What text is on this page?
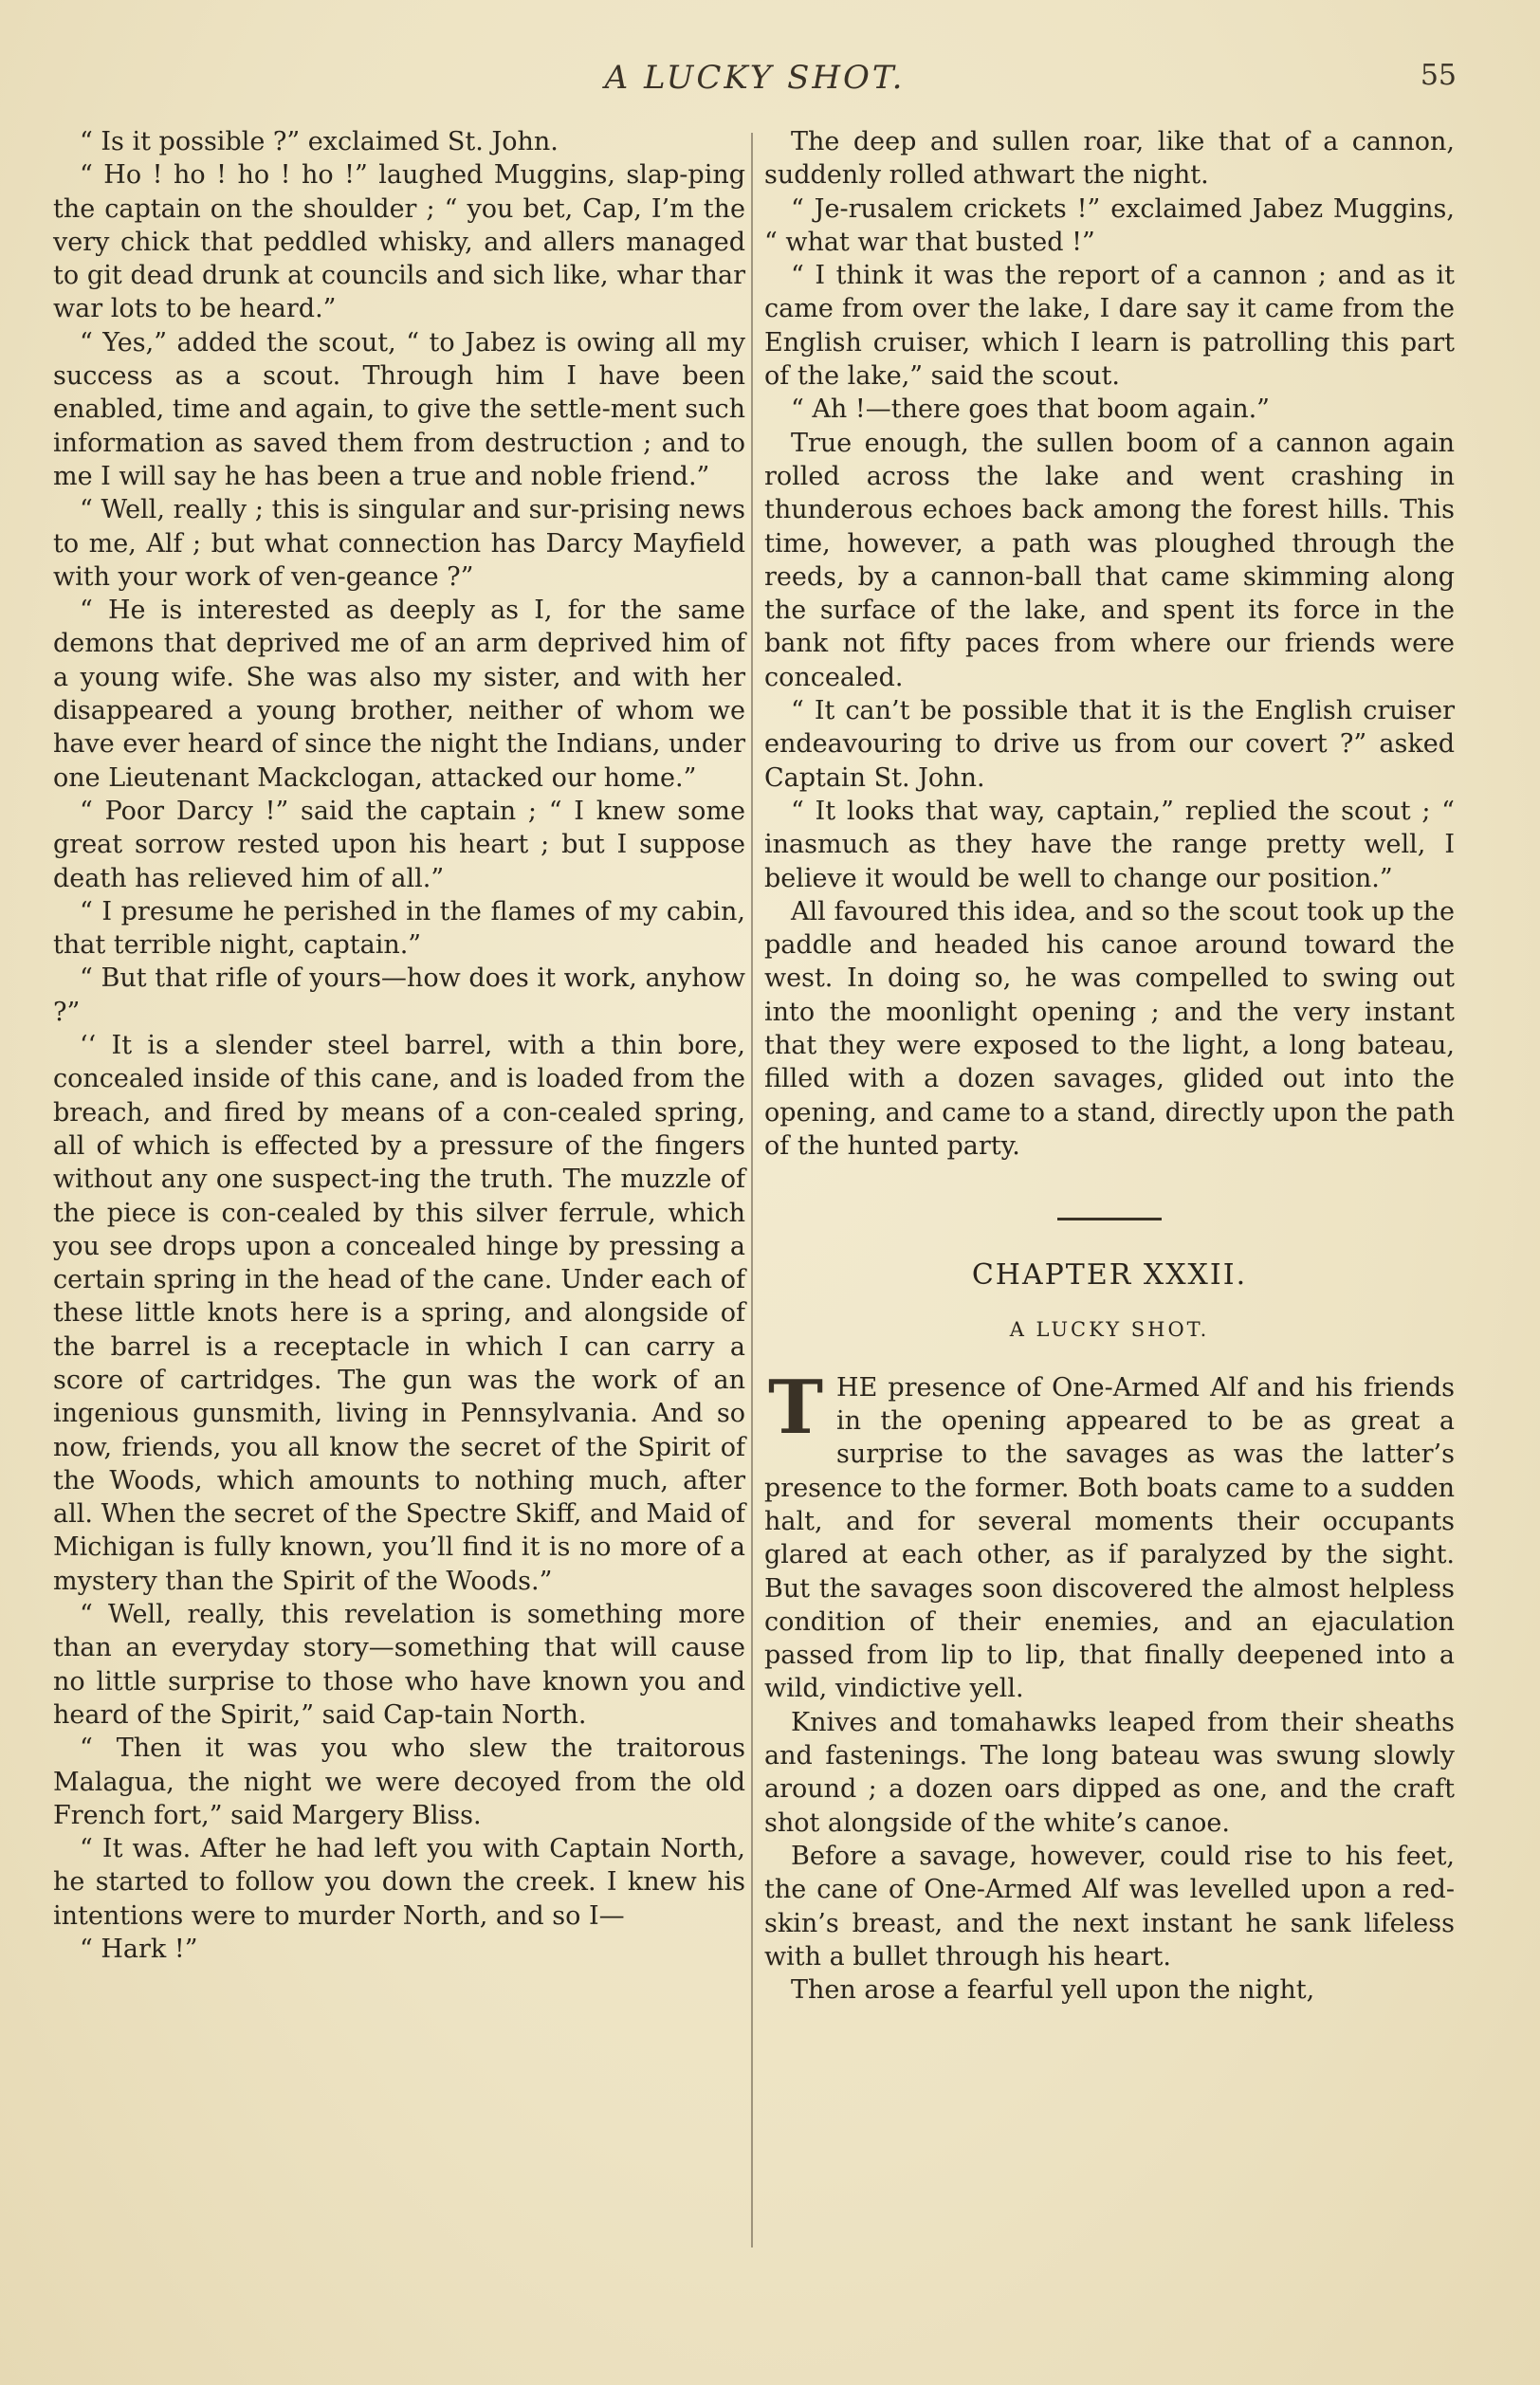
A LUCKY SHOT.	55

“ Is it possible ?” exclaimed St. John.

“ Ho ! ho ! ho ! ho !” laughed Muggins, slap-ping the captain on the shoulder ; “ you bet, Cap, I’m the very chick that peddled whisky, and allers managed to git dead drunk at councils and sich like, whar thar war lots to be heard.”

“ Yes,” added the scout, “ to Jabez is owing all my success as a scout. Through him I have been enabled, time and again, to give the settle-ment such information as saved them from destruction ; and to me I will say he has been a true and noble friend.”

“ Well, really ; this is singular and sur-prising news to me, Alf ; but what connection has Darcy Mayfield with your work of ven-geance ?”

“ He is interested as deeply as I, for the same demons that deprived me of an arm deprived him of a young wife. She was also my sister, and with her disappeared a young brother, neither of whom we have ever heard of since the night the Indians, under one Lieutenant Mackclogan, attacked our home.”

“ Poor Darcy !” said the captain ; “ I knew some great sorrow rested upon his heart ; but I suppose death has relieved him of all.”

“ I presume he perished in the flames of my cabin, that terrible night, captain.”

“ But that rifle of yours—how does it work, anyhow ?”

‘‘ It is a slender steel barrel, with a thin bore, concealed inside of this cane, and is loaded from the breach, and fired by means of a con-cealed spring, all of which is effected by a pressure of the fingers without any one suspect-ing the truth. The muzzle of the piece is con-cealed by this silver ferrule, which you see drops upon a concealed hinge by pressing a certain spring in the head of the cane. Under each of these little knots here is a spring, and alongside of the barrel is a receptacle in which I can carry a score of cartridges. The gun was the work of an ingenious gunsmith, living in Pennsylvania. And so now, friends, you all know the secret of the Spirit of the Woods, which amounts to nothing much, after all. When the secret of the Spectre Skiff, and Maid of Michigan is fully known, you’ll find it is no more of a mystery than the Spirit of the Woods.”

“ Well, really, this revelation is something more than an everyday story—something that will cause no little surprise to those who have known you and heard of the Spirit,” said Cap-tain North.

“ Then it was you who slew the traitorous Malagua, the night we were decoyed from the old French fort,” said Margery Bliss.

“ It was. After he had left you with Captain North, he started to follow you down the creek. I knew his intentions were to murder North, and so I—

“ Hark !”

The deep and sullen roar, like that of a cannon, suddenly rolled athwart the night.

“ Je-rusalem crickets !” exclaimed Jabez Muggins, “ what war that busted !”

“ I think it was the report of a cannon ; and as it came from over the lake, I dare say it came from the English cruiser, which I learn is patrolling this part of the lake,” said the scout.

“ Ah !—there goes that boom again.”

True enough, the sullen boom of a cannon again rolled across the lake and went crashing in thunderous echoes back among the forest hills. This time, however, a path was ploughed through the reeds, by a cannon-ball that came skimming along the surface of the lake, and spent its force in the bank not fifty paces from where our friends were concealed.

“ It can’t be possible that it is the English cruiser endeavouring to drive us from our covert ?” asked Captain St. John.

“ It looks that way, captain,” replied the scout ; “ inasmuch as they have the range pretty well, I believe it would be well to change our position.”

All favoured this idea, and so the scout took up the paddle and headed his canoe around toward the west. In doing so, he was compelled to swing out into the moonlight opening ; and the very instant that they were exposed to the light, a long bateau, filled with a dozen savages, glided out into the opening, and came to a stand, directly upon the path of the hunted party.

CHAPTER XXXII.
A LUCKY SHOT.

THE presence of One-Armed Alf and his friends in the opening appeared to be as great a surprise to the savages as was the latter’s presence to the former. Both boats came to a sudden halt, and for several moments their occupants glared at each other, as if paralyzed by the sight. But the savages soon discovered the almost helpless condition of their enemies, and an ejaculation passed from lip to lip, that finally deepened into a wild, vindictive yell.

Knives and tomahawks leaped from their sheaths and fastenings. The long bateau was swung slowly around ; a dozen oars dipped as one, and the craft shot alongside of the white’s canoe.

Before a savage, however, could rise to his feet, the cane of One-Armed Alf was levelled upon a red-skin’s breast, and the next instant he sank lifeless with a bullet through his heart.

Then arose a fearful yell upon the night,
